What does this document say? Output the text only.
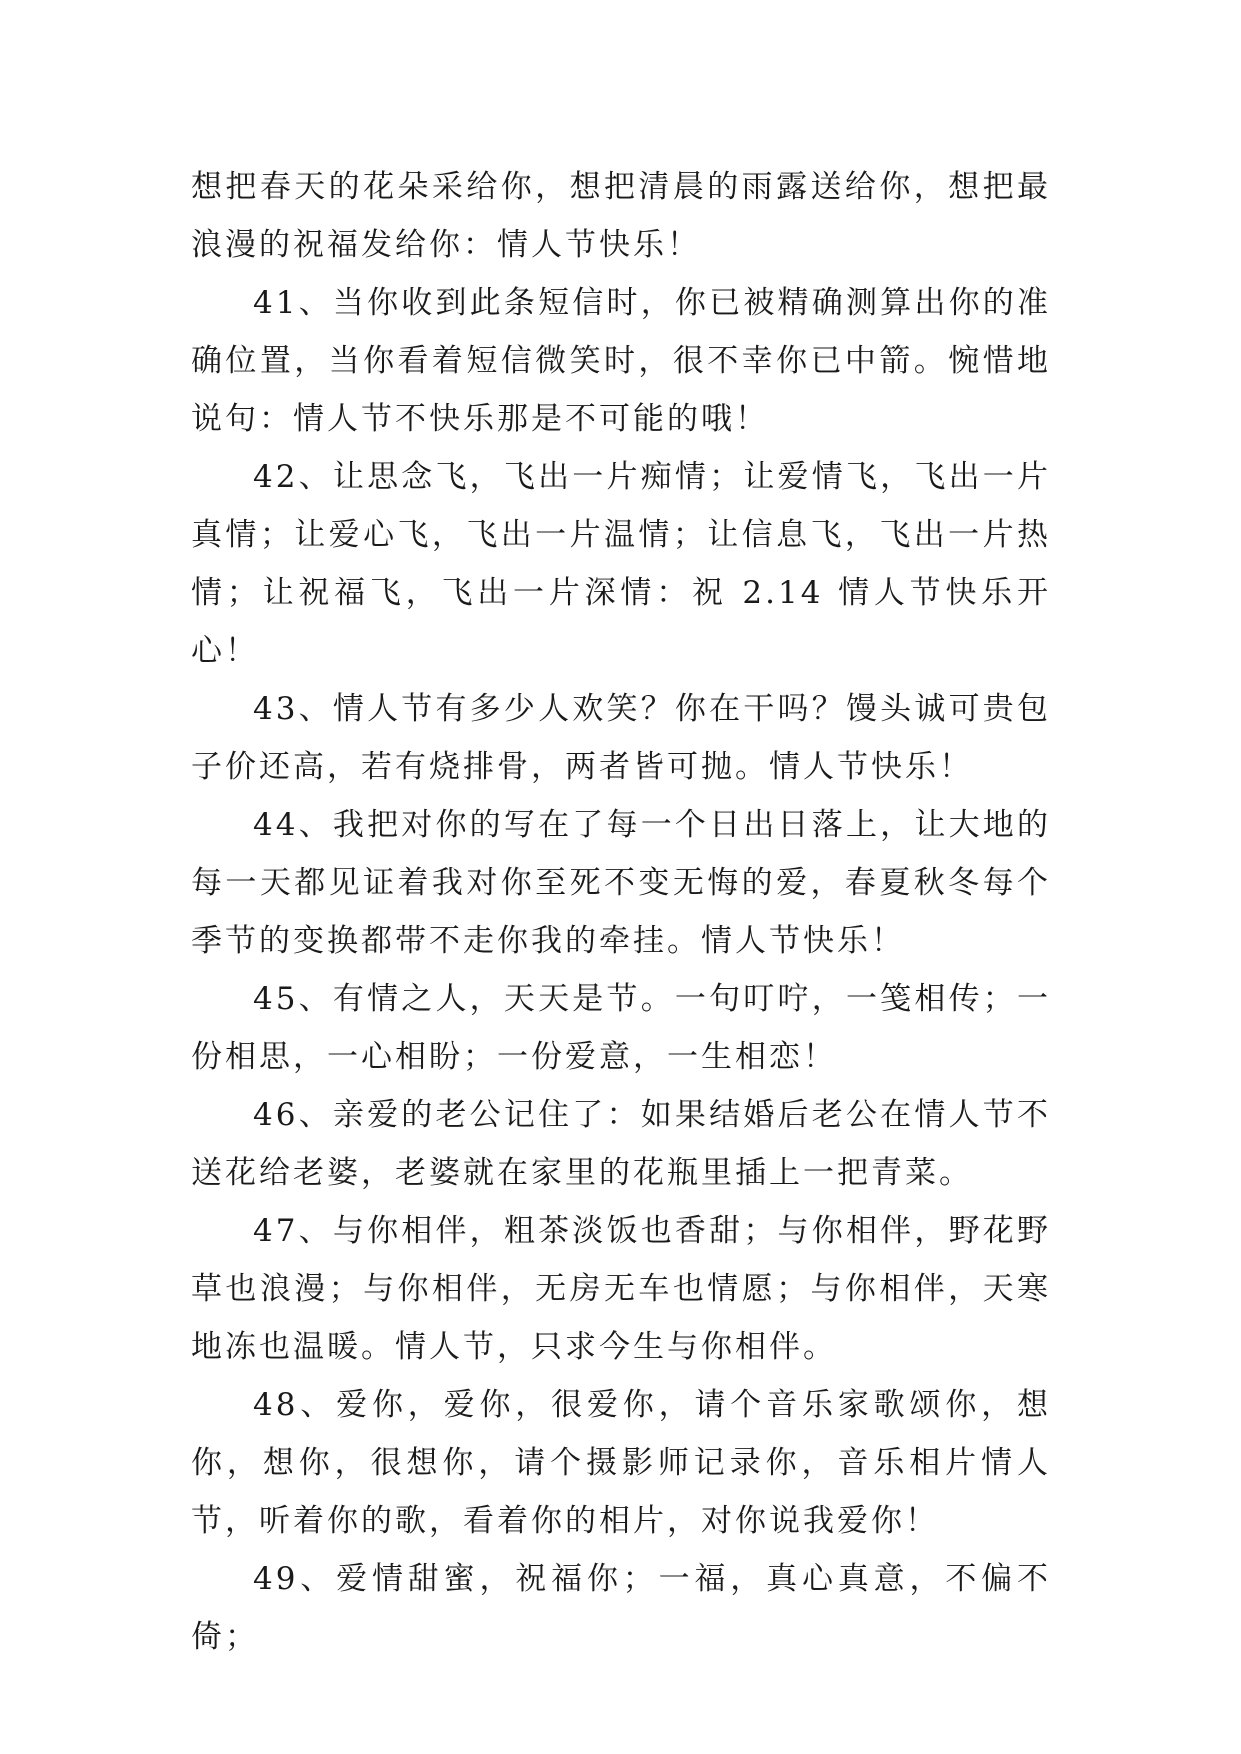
想把春天的花朵采给你，想把清晨的雨露送给你，想把最浪漫的祝福发给你：情人节快乐！

41、当你收到此条短信时，你已被精确测算出你的准确位置，当你看着短信微笑时，很不幸你已中箭。惋惜地说句：情人节不快乐那是不可能的哦！

42、让思念飞，飞出一片痴情；让爱情飞，飞出一片真情；让爱心飞，飞出一片温情；让信息飞，飞出一片热情；让祝福飞，飞出一片深情：祝 2.14 情人节快乐开心！

43、情人节有多少人欢笑？你在干吗？馒头诚可贵包子价还高，若有烧排骨，两者皆可抛。情人节快乐！

44、我把对你的写在了每一个日出日落上，让大地的每一天都见证着我对你至死不变无悔的爱，春夏秋冬每个季节的变换都带不走你我的牵挂。情人节快乐！

45、有情之人，天天是节。一句叮咛，一笺相传；一份相思，一心相盼；一份爱意，一生相恋！

46、亲爱的老公记住了：如果结婚后老公在情人节不送花给老婆，老婆就在家里的花瓶里插上一把青菜。

47、与你相伴，粗茶淡饭也香甜；与你相伴，野花野草也浪漫；与你相伴，无房无车也情愿；与你相伴，天寒地冻也温暖。情人节，只求今生与你相伴。

48、爱你，爱你，很爱你，请个音乐家歌颂你，想你，想你，很想你，请个摄影师记录你，音乐相片情人节，听着你的歌，看着你的相片，对你说我爱你！

49、爱情甜蜜，祝福你；一福，真心真意，不偏不倚；
